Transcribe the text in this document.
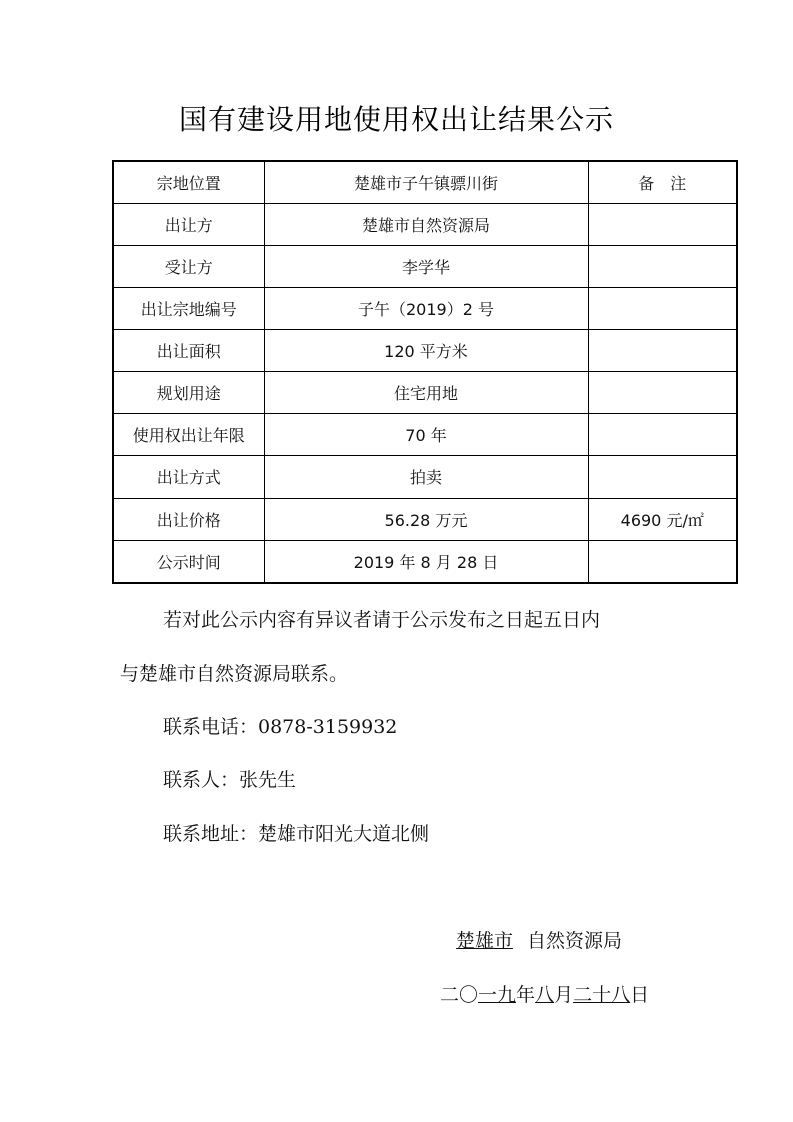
国有建设用地使用权出让结果公示
宗地位置	楚雄市子午镇骠川街	备　注
出让方	楚雄市自然资源局	
受让方	李学华	
出让宗地编号	子午（2019）2 号	
出让面积	120 平方米	
规划用途	住宅用地	
使用权出让年限	70 年	
出让方式	拍卖	
出让价格	56.28 万元	4690 元/㎡
公示时间	2019 年 8 月 28 日	
若对此公示内容有异议者请于公示发布之日起五日内
与楚雄市自然资源局联系。
联系电话：0878-3159932
联系人：张先生
联系地址：楚雄市阳光大道北侧
楚雄市 自然资源局
二〇一九年八月二十八日
